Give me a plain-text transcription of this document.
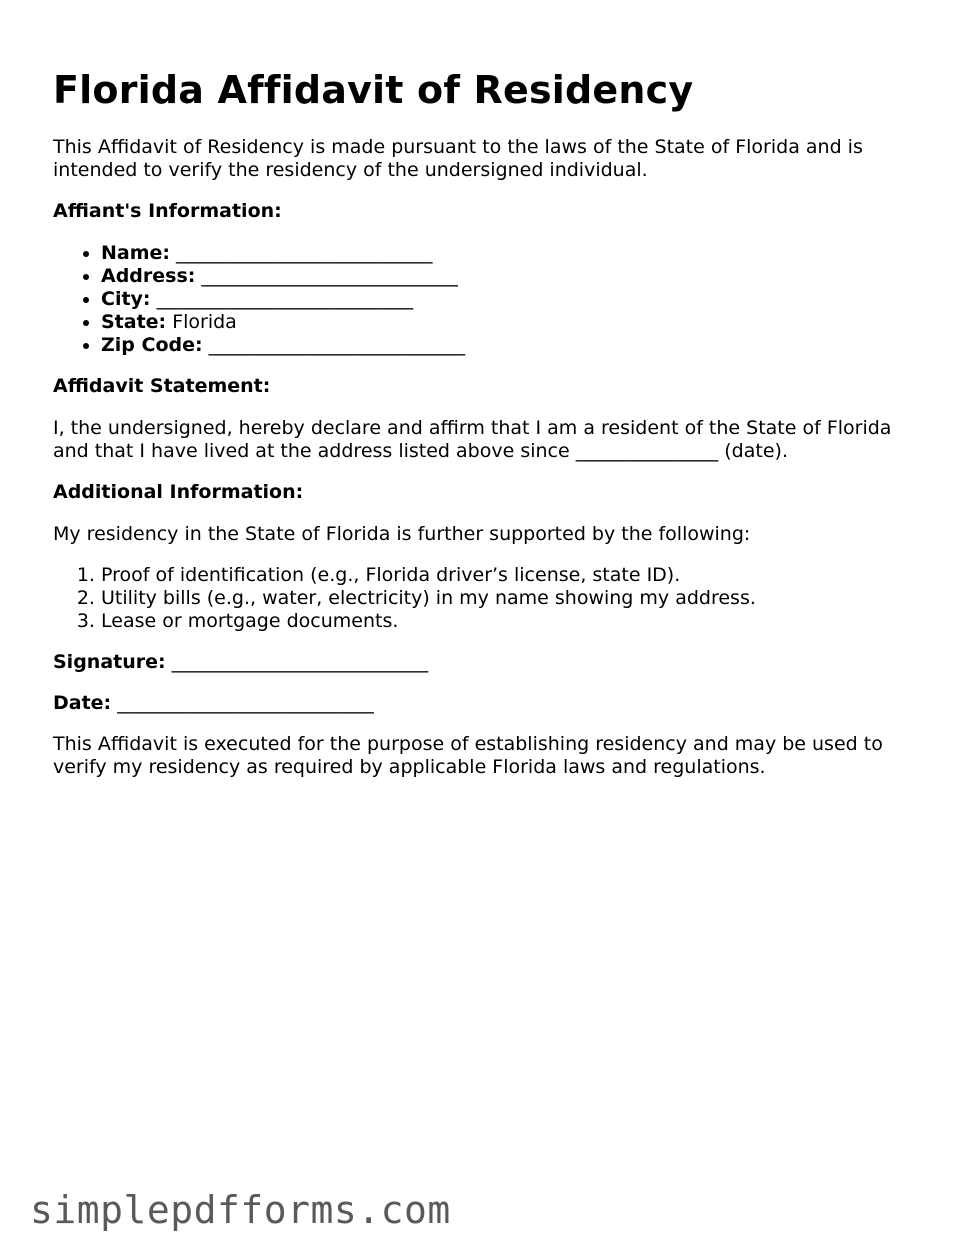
Florida Affidavit of Residency

This Affidavit of Residency is made pursuant to the laws of the State of Florida and is intended to verify the residency of the undersigned individual.

Affiant's Information:
• Name: ___________________________
• Address: ___________________________
• City: ___________________________
• State: Florida
• Zip Code: ___________________________
Affidavit Statement:

I, the undersigned, hereby declare and affirm that I am a resident of the State of Florida and that I have lived at the address listed above since _______________ (date).

Additional Information:

My residency in the State of Florida is further supported by the following:

1. Proof of identification (e.g., Florida driver’s license, state ID).
2. Utility bills (e.g., water, electricity) in my name showing my address.
3. Lease or mortgage documents.
Signature: ___________________________
Date: ___________________________

This Affidavit is executed for the purpose of establishing residency and may be used to verify my residency as required by applicable Florida laws and regulations.

simplepdfforms.com
